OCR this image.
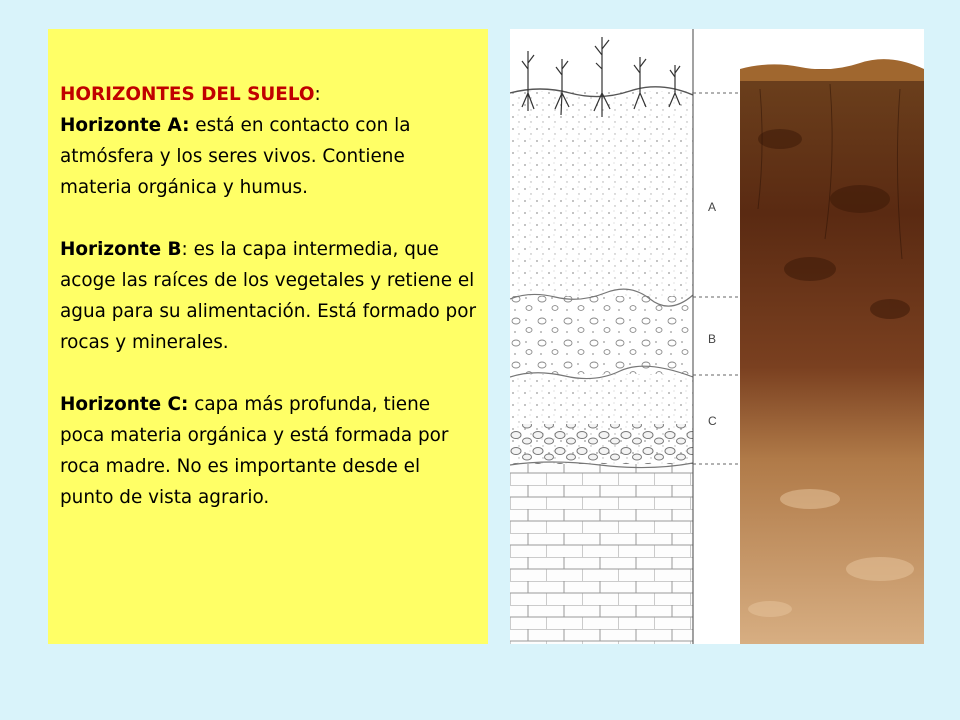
HORIZONTES DEL SUELO:
Horizonte A: está en contacto con la atmósfera y los seres vivos. Contiene materia orgánica y humus.

Horizonte B: es la capa intermedia, que acoge las raíces de los vegetales y retiene el agua para su alimentación. Está formado por rocas y minerales.

Horizonte C: capa más profunda, tiene poca materia orgánica y está formada por roca madre. No es importante desde el punto de vista agrario.

A
B
C
